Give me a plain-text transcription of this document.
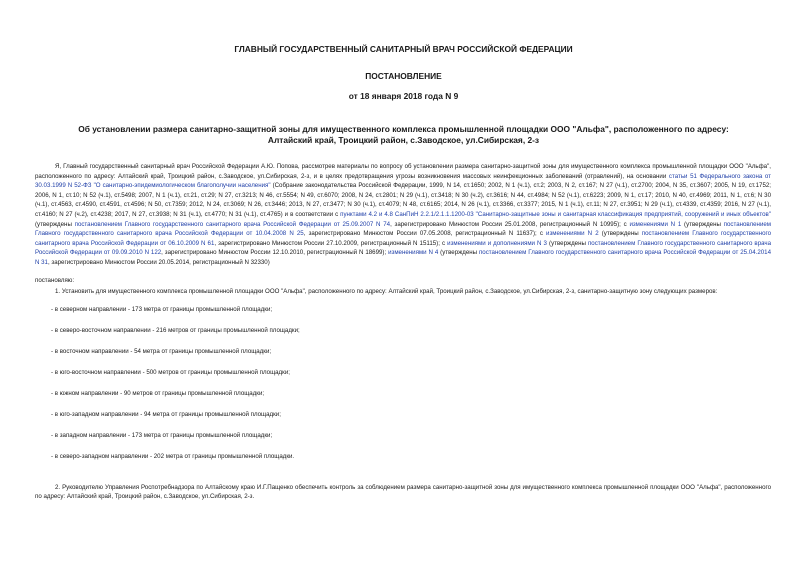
ГЛАВНЫЙ ГОСУДАРСТВЕННЫЙ САНИТАРНЫЙ ВРАЧ РОССИЙСКОЙ ФЕДЕРАЦИИ
ПОСТАНОВЛЕНИЕ
от 18 января 2018 года N 9
Об установлении размера санитарно-защитной зоны для имущественного комплекса промышленной площадки ООО "Альфа", расположенного по адресу:
Алтайский край, Троицкий район, с.Заводское, ул.Сибирская, 2-з

Я, Главный государственный санитарный врач Российской Федерации А.Ю. Попова, рассмотрев материалы по вопросу об установлении размера санитарно-защитной зоны для имущественного комплекса промышленной площадки ООО "Альфа", расположенного по адресу: Алтайский край, Троицкий район, с.Заводское, ул.Сибирская, 2-з, и в целях предотвращения угрозы возникновения массовых неинфекционных заболеваний (отравлений), на основании статьи 51 Федерального закона от 30.03.1999 N 52-ФЗ "О санитарно-эпидемиологическом благополучии населения" (Собрание законодательства Российской Федерации, 1999, N 14, ст.1650; 2002, N 1 (ч.1), ст.2; 2003, N 2, ст.167; N 27 (ч.1), ст.2700; 2004, N 35, ст.3607; 2005, N 19, ст.1752; 2006, N 1, ст.10; N 52 (ч.1), ст.5498; 2007, N 1 (ч.1), ст.21, ст.29; N 27, ст.3213; N 46, ст.5554; N 49, ст.6070; 2008, N 24, ст.2801; N 29 (ч.1), ст.3418; N 30 (ч.2), ст.3616; N 44, ст.4984; N 52 (ч.1), ст.6223; 2009, N 1, ст.17; 2010, N 40, ст.4969; 2011, N 1, ст.6; N 30 (ч.1), ст.4563, ст.4590, ст.4591, ст.4596; N 50, ст.7359; 2012, N 24, ст.3069; N 26, ст.3446; 2013, N 27, ст.3477; N 30 (ч.1), ст.4079; N 48, ст.6165; 2014, N 26 (ч.1), ст.3366, ст.3377; 2015, N 1 (ч.1), ст.11; N 27, ст.3951; N 29 (ч.1), ст.4339, ст.4359; 2016, N 27 (ч.1), ст.4160; N 27 (ч.2), ст.4238; 2017, N 27, ст.3938; N 31 (ч.1), ст.4770; N 31 (ч.1), ст.4765) и в соответствии с пунктами 4.2 и 4.8 СанПиН 2.2.1/2.1.1.1200-03 "Санитарно-защитные зоны и санитарная классификация предприятий, сооружений и иных объектов" (утверждены постановлением Главного государственного санитарного врача Российской Федерации от 25.09.2007 N 74, зарегистрировано Минюстом России 25.01.2008, регистрационный N 10995); с изменениями N 1 (утверждены постановлением Главного государственного санитарного врача Российской Федерации от 10.04.2008 N 25, зарегистрировано Минюстом России 07.05.2008, регистрационный N 11637); с изменениями N 2 (утверждены постановлением Главного государственного санитарного врача Российской Федерации от 06.10.2009 N 61, зарегистрировано Минюстом России 27.10.2009, регистрационный N 15115); с изменениями и дополнениями N 3 (утверждены постановлением Главного государственного санитарного врача Российской Федерации от 09.09.2010 N 122, зарегистрировано Минюстом России 12.10.2010, регистрационный N 18699); изменениями N 4 (утверждены постановлением Главного государственного санитарного врача Российской Федерации от 25.04.2014 N 31, зарегистрировано Минюстом России 20.05.2014, регистрационный N 32330)

постановляю:

1. Установить для имущественного комплекса промышленной площадки ООО "Альфа", расположенного по адресу: Алтайский край, Троицкий район, с.Заводское, ул.Сибирская, 2-з, санитарно-защитную зону следующих размеров:

- в северном направлении - 173 метра от границы промышленной площадки;
- в северо-восточном направлении - 216 метров от границы промышленной площадки;
- в восточном направлении - 54 метра от границы промышленной площадки;
- в юго-восточном направлении - 500 метров от границы промышленной площадки;
- в южном направлении - 90 метров от границы промышленной площадки;
- в юго-западном направлении - 94 метра от границы промышленной площадки;
- в западном направлении - 173 метра от границы промышленной площадки;
- в северо-западном направлении - 202 метра от границы промышленной площадки.

2. Руководителю Управления Роспотребнадзора по Алтайскому краю И.Г.Пащенко обеспечить контроль за соблюдением размера санитарно-защитной зоны для имущественного комплекса промышленной площадки ООО "Альфа", расположенного по адресу: Алтайский край, Троицкий район, с.Заводское, ул.Сибирская, 2-з.
